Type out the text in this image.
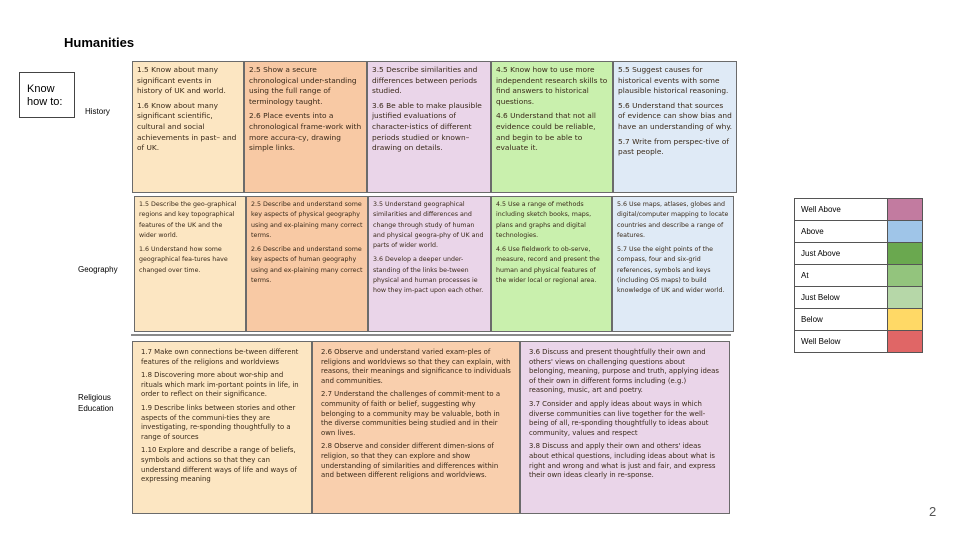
Humanities
Know how to:
History
Geography
Religious Education

1.5 Know about many significant events in history of UK and world.

1.6 Know about many significant scientific, cultural and social achievements in past– and of UK.

2.5 Show a secure chronological under-standing using the full range of terminology taught.

2.6 Place events into a chronological frame-work with more accura-cy, drawing simple links.

3.5 Describe similarities and differences between periods studied.

3.6 Be able to make plausible justified evaluations of character-istics of different periods studied or known– drawing on details.

4.5 Know how to use more independent research skills to find answers to historical questions.

4.6 Understand that not all evidence could be reliable, and begin to be able to evaluate it.

5.5 Suggest causes for historical events with some plausible historical reasoning.

5.6 Understand that sources of evidence can show bias and have an understanding of why.

5.7 Write from perspec-tive of past people.

1.5 Describe the geo-graphical regions and key topographical features of the UK and the wider world.

1.6 Understand how some geographical fea-tures have changed over time.

2.5 Describe and understand some key aspects of physical geography using and ex-plaining many correct terms.

2.6 Describe and understand some key aspects of human geography using and ex-plaining many correct terms.

3.5 Understand geographical similarities and differences and change through study of human and physical geogra-phy of UK and parts of wider world.

3.6 Develop a deeper under-standing of the links be-tween physical and human processes ie how they im-pact upon each other.

4.5 Use a range of methods including sketch books, maps, plans and graphs and digital technologies.

4.6 Use fieldwork to ob-serve, measure, record and present the human and physical features of the wider local or regional area.

5.6 Use maps, atlases, globes and digital/computer mapping to locate countries and describe a range of features.

5.7 Use the eight points of the compass, four and six-grid references, symbols and keys (including OS maps) to build knowledge of UK and wider world.

1.7 Make own connections be-tween different features of the religions and worldviews

1.8 Discovering more about wor-ship and rituals which mark im-portant points in life, in order to reflect on their significance.

1.9 Describe links between stories and other aspects of the communi-ties they are investigating, re-sponding thoughtfully to a range of sources

1.10 Explore and describe a range of beliefs, symbols and actions so that they can understand different ways of life and ways of expressing meaning

2.6 Observe and understand varied exam-ples of religions and worldviews so that they can explain, with reasons, their meanings and significance to individuals and communities.

2.7 Understand the challenges of commit-ment to a community of faith or belief, suggesting why belonging to a community may be valuable, both in the diverse communities being studied and in their own lives.

2.8 Observe and consider different dimen-sions of religion, so that they can explore and show understanding of similarities and differences within and between different religions and worldviews.

3.6 Discuss and present thoughtfully their own and others' views on challenging questions about belonging, meaning, purpose and truth, applying ideas of their own in different forms including (e.g.) reasoning, music, art and poetry.

3.7 Consider and apply ideas about ways in which diverse communities can live together for the well-being of all, re-sponding thoughtfully to ideas about community, values and respect

3.8 Discuss and apply their own and others' ideas about ethical questions, including ideas about what is right and wrong and what is just and fair, and express their own ideas clearly in re-sponse.

Well Above	
Above	
Just Above	
At	
Just Below	
Below	
Well Below	
2
